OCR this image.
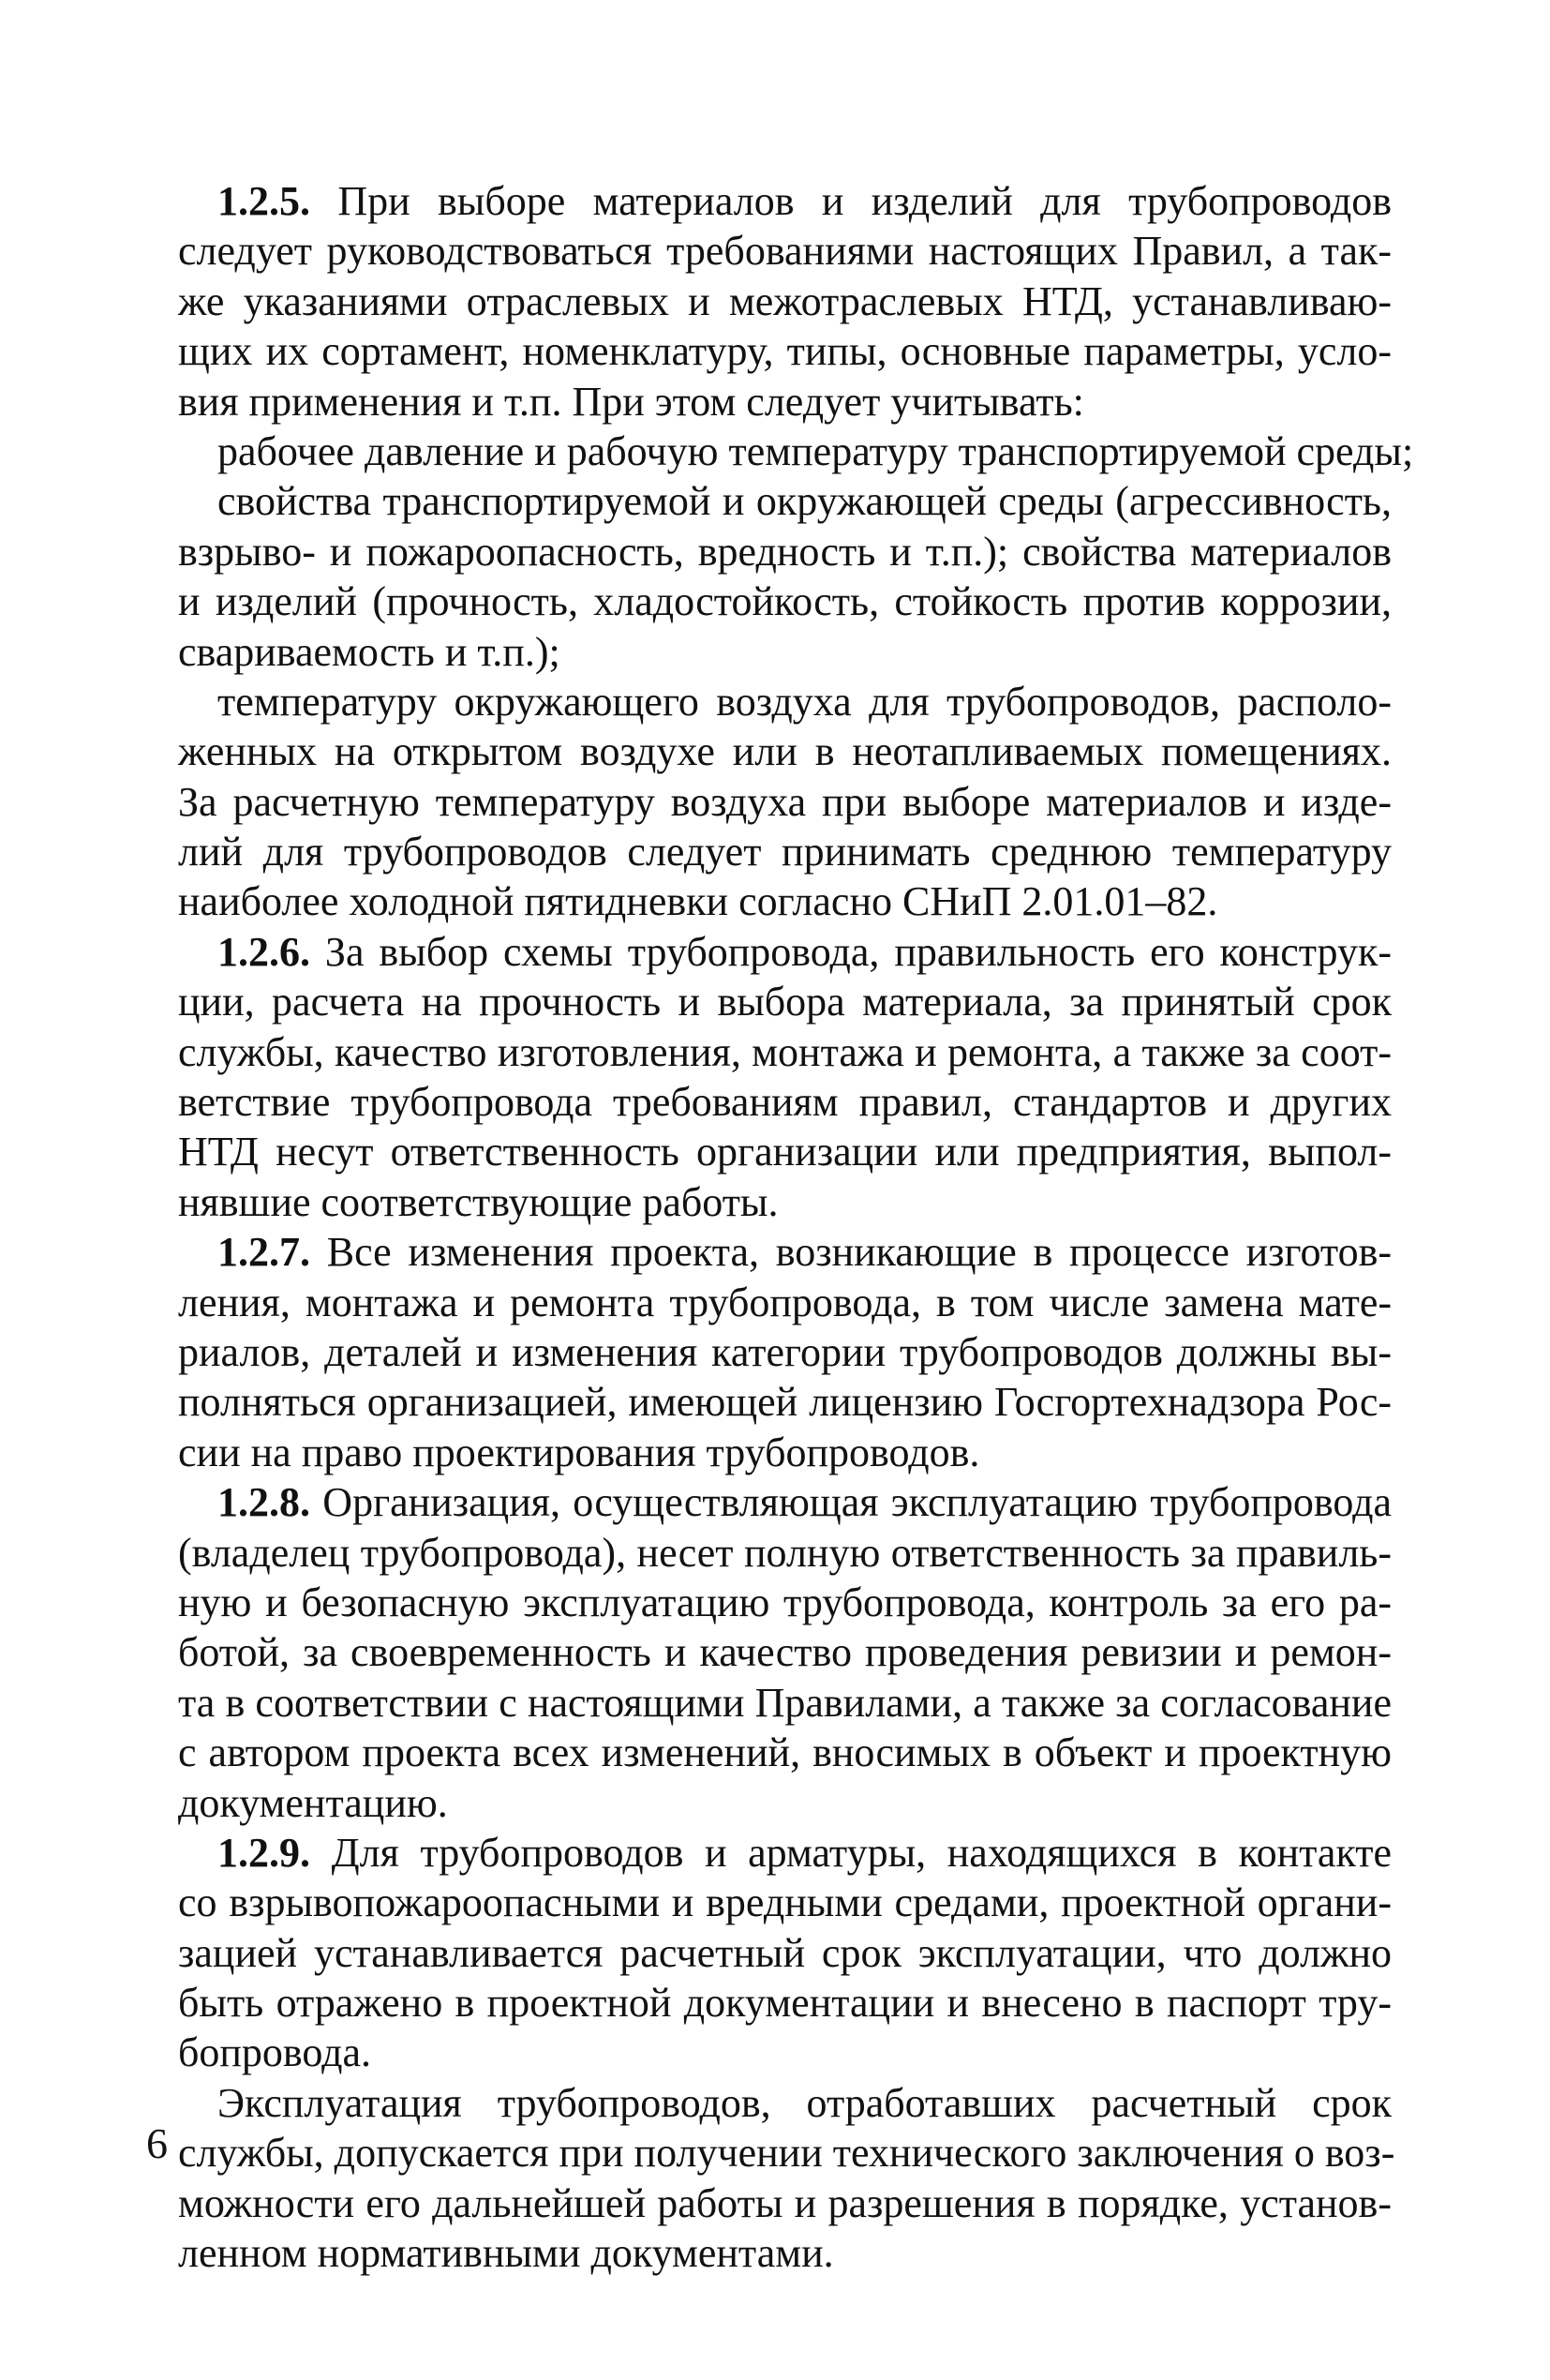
1.2.5. При выборе материалов и изделий для трубопроводов
следует руководствоваться требованиями настоящих Правил, а так-
же указаниями отраслевых и межотраслевых НТД, устанавливаю-
щих их сортамент, номенклатуру, типы, основные параметры, усло-
вия применения и т.п. При этом следует учитывать:
рабочее давление и рабочую температуру транспортируемой среды;
свойства транспортируемой и окружающей среды (агрессивность,
взрыво- и пожароопасность, вредность и т.п.); свойства материалов
и изделий (прочность, хладостойкость, стойкость против коррозии,
свариваемость и т.п.);
температуру окружающего воздуха для трубопроводов, располо-
женных на открытом воздухе или в неотапливаемых помещениях.
За расчетную температуру воздуха при выборе материалов и изде-
лий для трубопроводов следует принимать среднюю температуру
наиболее холодной пятидневки согласно СНиП 2.01.01–82.
1.2.6. За выбор схемы трубопровода, правильность его конструк-
ции, расчета на прочность и выбора материала, за принятый срок
службы, качество изготовления, монтажа и ремонта, а также за соот-
ветствие трубопровода требованиям правил, стандартов и других
НТД несут ответственность организации или предприятия, выпол-
нявшие соответствующие работы.
1.2.7. Все изменения проекта, возникающие в процессе изготов-
ления, монтажа и ремонта трубопровода, в том числе замена мате-
риалов, деталей и изменения категории трубопроводов должны вы-
полняться организацией, имеющей лицензию Госгортехнадзора Рос-
сии на право проектирования трубопроводов.
1.2.8. Организация, осуществляющая эксплуатацию трубопровода
(владелец трубопровода), несет полную ответственность за правиль-
ную и безопасную эксплуатацию трубопровода, контроль за его ра-
ботой, за своевременность и качество проведения ревизии и ремон-
та в соответствии с настоящими Правилами, а также за согласование
с автором проекта всех изменений, вносимых в объект и проектную
документацию.
1.2.9. Для трубопроводов и арматуры, находящихся в контакте
со взрывопожароопасными и вредными средами, проектной органи-
зацией устанавливается расчетный срок эксплуатации, что должно
быть отражено в проектной документации и внесено в паспорт тру-
бопровода.
Эксплуатация трубопроводов, отработавших расчетный срок
службы, допускается при получении технического заключения о воз-
можности его дальнейшей работы и разрешения в порядке, установ-
ленном нормативными документами.
6
